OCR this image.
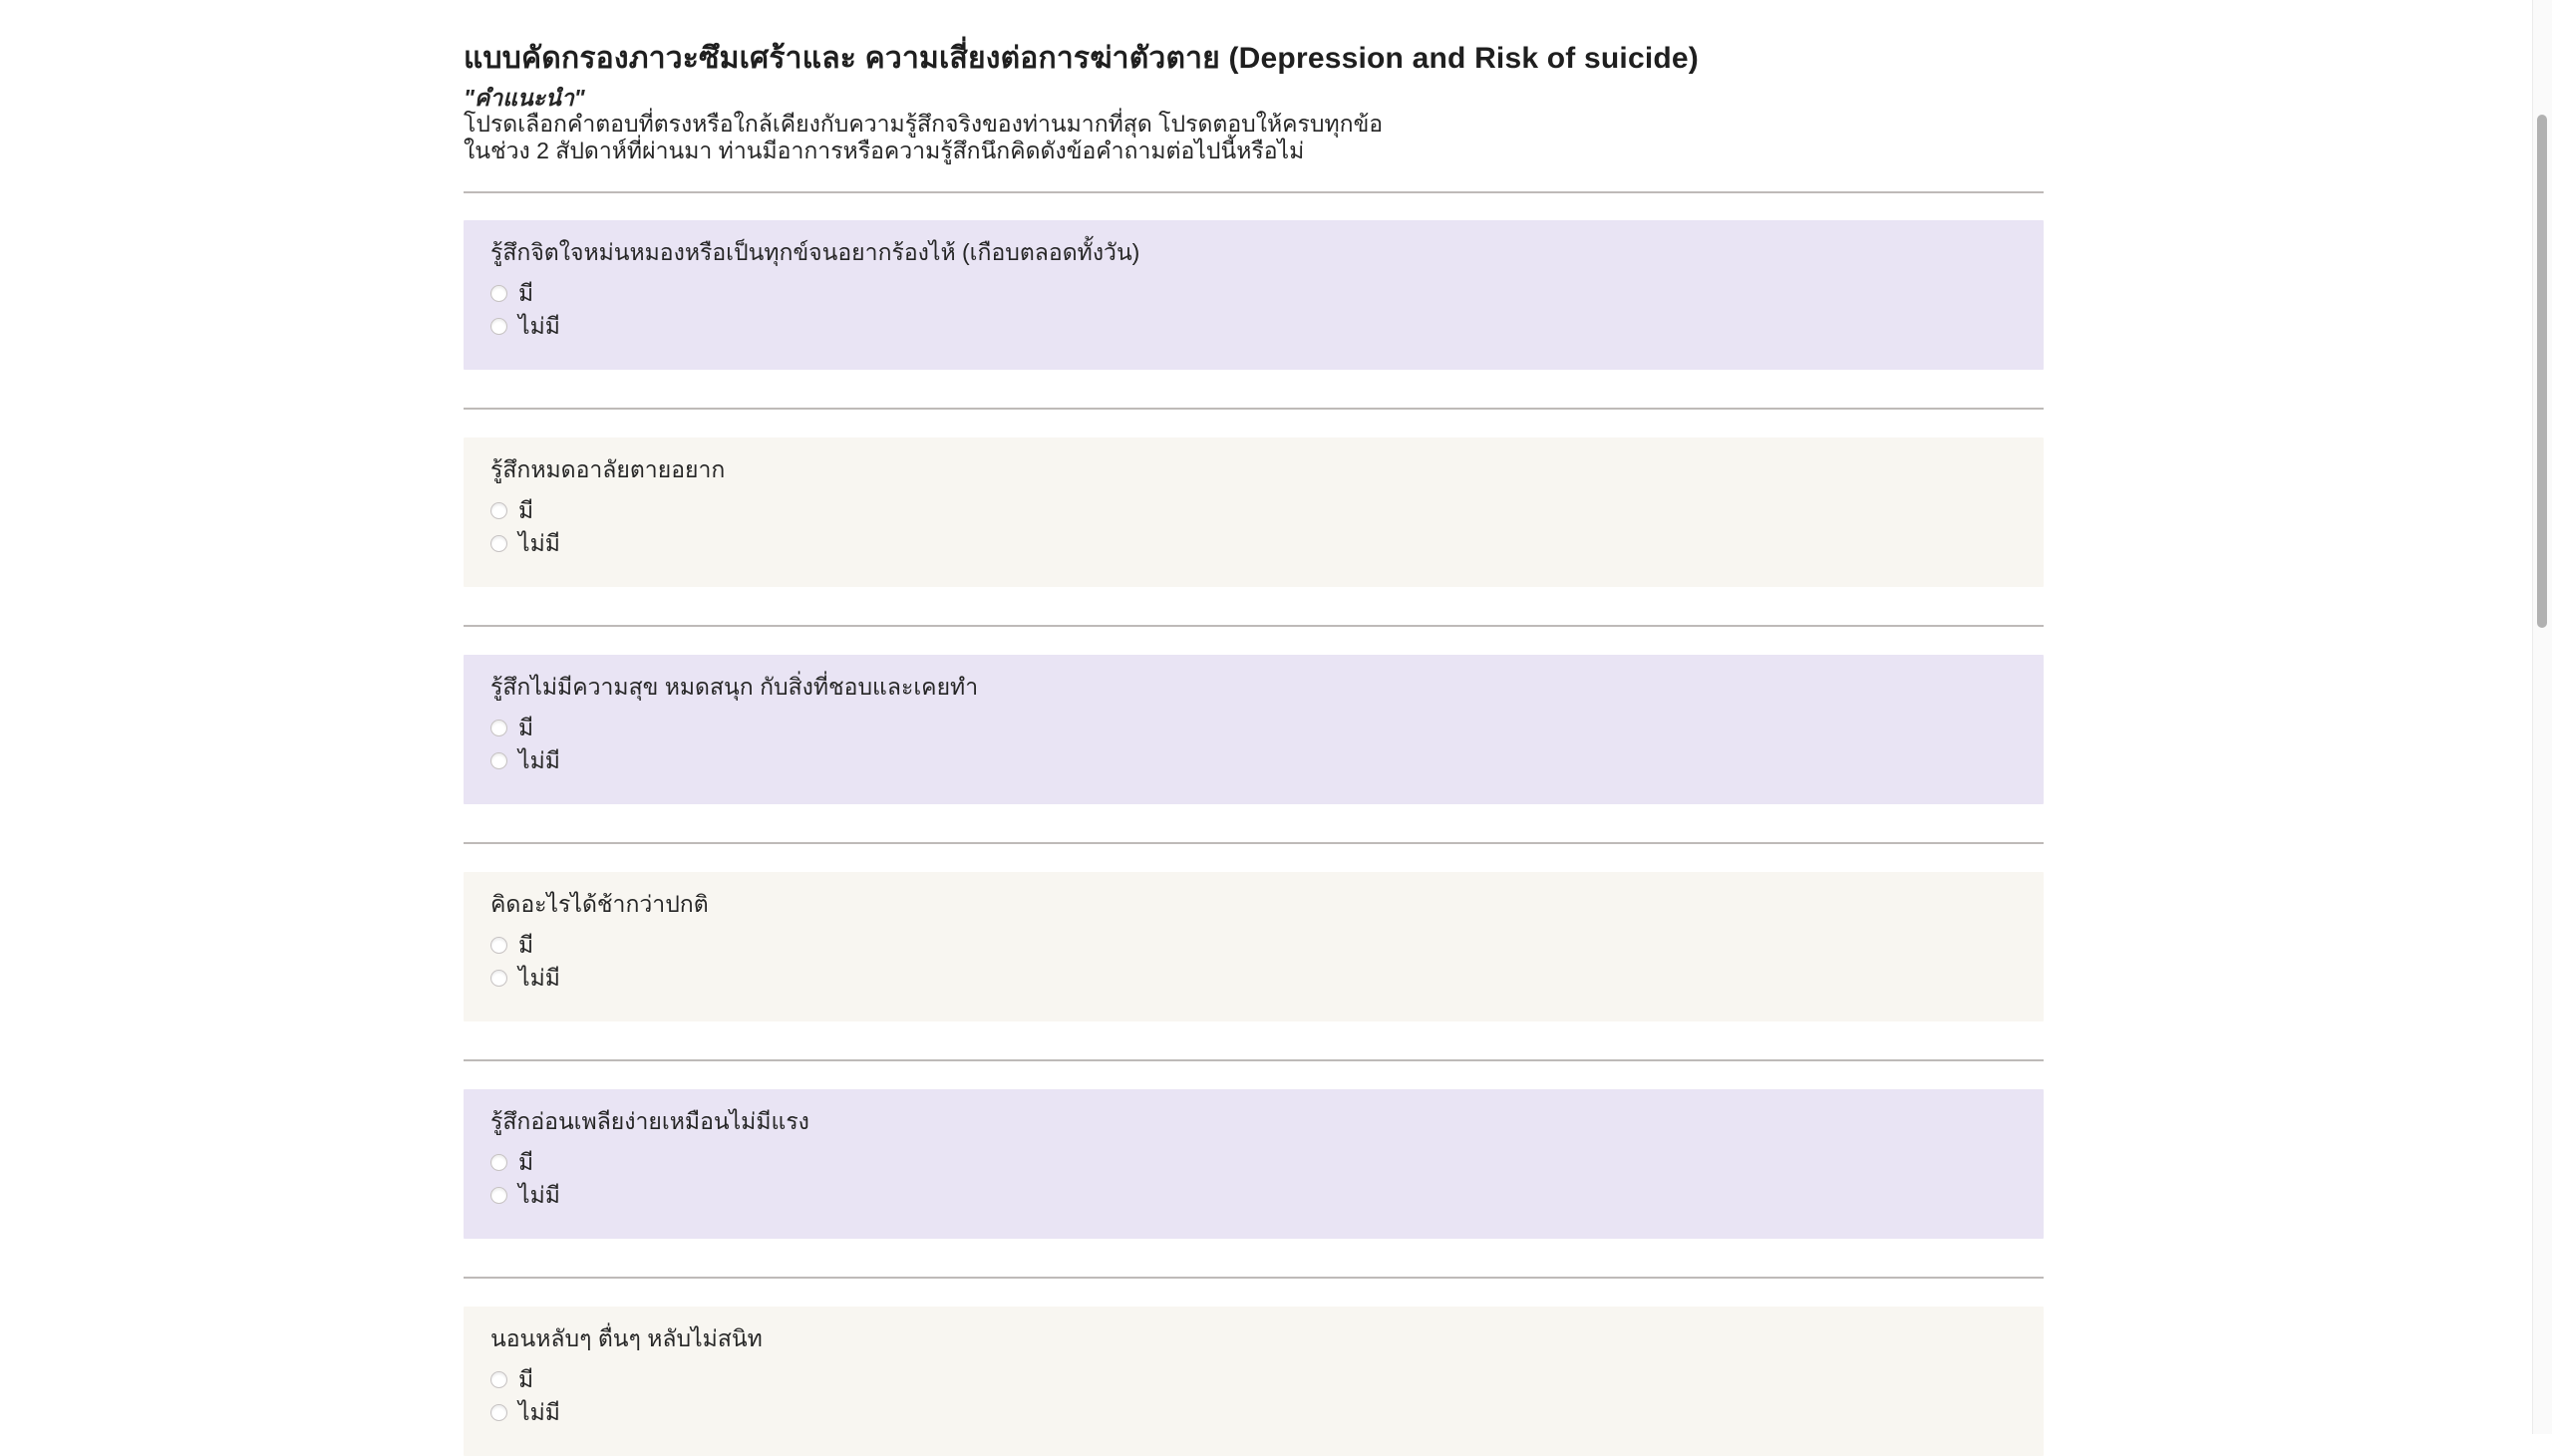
แบบคัดกรองภาวะซึมเศร้าและ ความเสี่ยงต่อการฆ่าตัวตาย (Depression and Risk of suicide)
"คำแนะนำ"
โปรดเลือกคำตอบที่ตรงหรือใกล้เคียงกับความรู้สึกจริงของท่านมากที่สุด โปรดตอบให้ครบทุกข้อ
ในช่วง 2 สัปดาห์ที่ผ่านมา ท่านมีอาการหรือความรู้สึกนึกคิดดังข้อคำถามต่อไปนี้หรือไม่
รู้สึกจิตใจหม่นหมองหรือเป็นทุกข์จนอยากร้องไห้ (เกือบตลอดทั้งวัน)
มี
ไม่มี
รู้สึกหมดอาลัยตายอยาก
มี
ไม่มี
รู้สึกไม่มีความสุข หมดสนุก กับสิ่งที่ชอบและเคยทำ
มี
ไม่มี
คิดอะไรได้ช้ากว่าปกติ
มี
ไม่มี
รู้สึกอ่อนเพลียง่ายเหมือนไม่มีแรง
มี
ไม่มี
นอนหลับๆ ตื่นๆ หลับไม่สนิท
มี
ไม่มี
